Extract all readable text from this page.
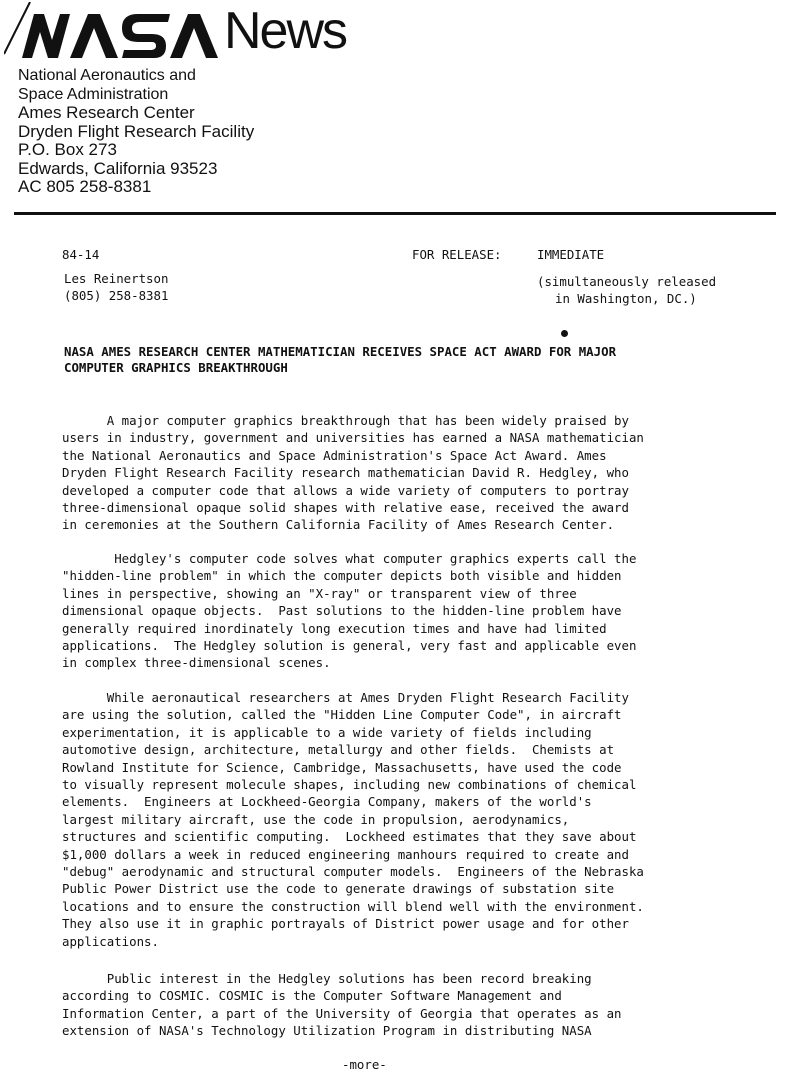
News
National Aeronautics and
Space Administration
Ames Research Center
Dryden Flight Research Facility
P.O. Box 273
Edwards, California 93523
AC 805 258-8381
84-14	FOR RELEASE:	IMMEDIATE
Les Reinertson
(805) 258-8381
(simultaneously released
in Washington, DC.)
NASA AMES RESEARCH CENTER MATHEMATICIAN RECEIVES SPACE ACT AWARD FOR MAJOR
COMPUTER GRAPHICS BREAKTHROUGH
A major computer graphics breakthrough that has been widely praised by
users in industry, government and universities has earned a NASA mathematician
the National Aeronautics and Space Administration's Space Act Award. Ames
Dryden Flight Research Facility research mathematician David R. Hedgley, who
developed a computer code that allows a wide variety of computers to portray
three-dimensional opaque solid shapes with relative ease, received the award
in ceremonies at the Southern California Facility of Ames Research Center.
Hedgley's computer code solves what computer graphics experts call the
"hidden-line problem" in which the computer depicts both visible and hidden
lines in perspective, showing an "X-ray" or transparent view of three
dimensional opaque objects.  Past solutions to the hidden-line problem have
generally required inordinately long execution times and have had limited
applications.  The Hedgley solution is general, very fast and applicable even
in complex three-dimensional scenes.
While aeronautical researchers at Ames Dryden Flight Research Facility
are using the solution, called the "Hidden Line Computer Code", in aircraft
experimentation, it is applicable to a wide variety of fields including
automotive design, architecture, metallurgy and other fields.  Chemists at
Rowland Institute for Science, Cambridge, Massachusetts, have used the code
to visually represent molecule shapes, including new combinations of chemical
elements.  Engineers at Lockheed-Georgia Company, makers of the world's
largest military aircraft, use the code in propulsion, aerodynamics,
structures and scientific computing.  Lockheed estimates that they save about
$1,000 dollars a week in reduced engineering manhours required to create and
"debug" aerodynamic and structural computer models.  Engineers of the Nebraska
Public Power District use the code to generate drawings of substation site
locations and to ensure the construction will blend well with the environment.
They also use it in graphic portrayals of District power usage and for other
applications.
Public interest in the Hedgley solutions has been record breaking
according to COSMIC. COSMIC is the Computer Software Management and
Information Center, a part of the University of Georgia that operates as an
extension of NASA's Technology Utilization Program in distributing NASA
-more-
